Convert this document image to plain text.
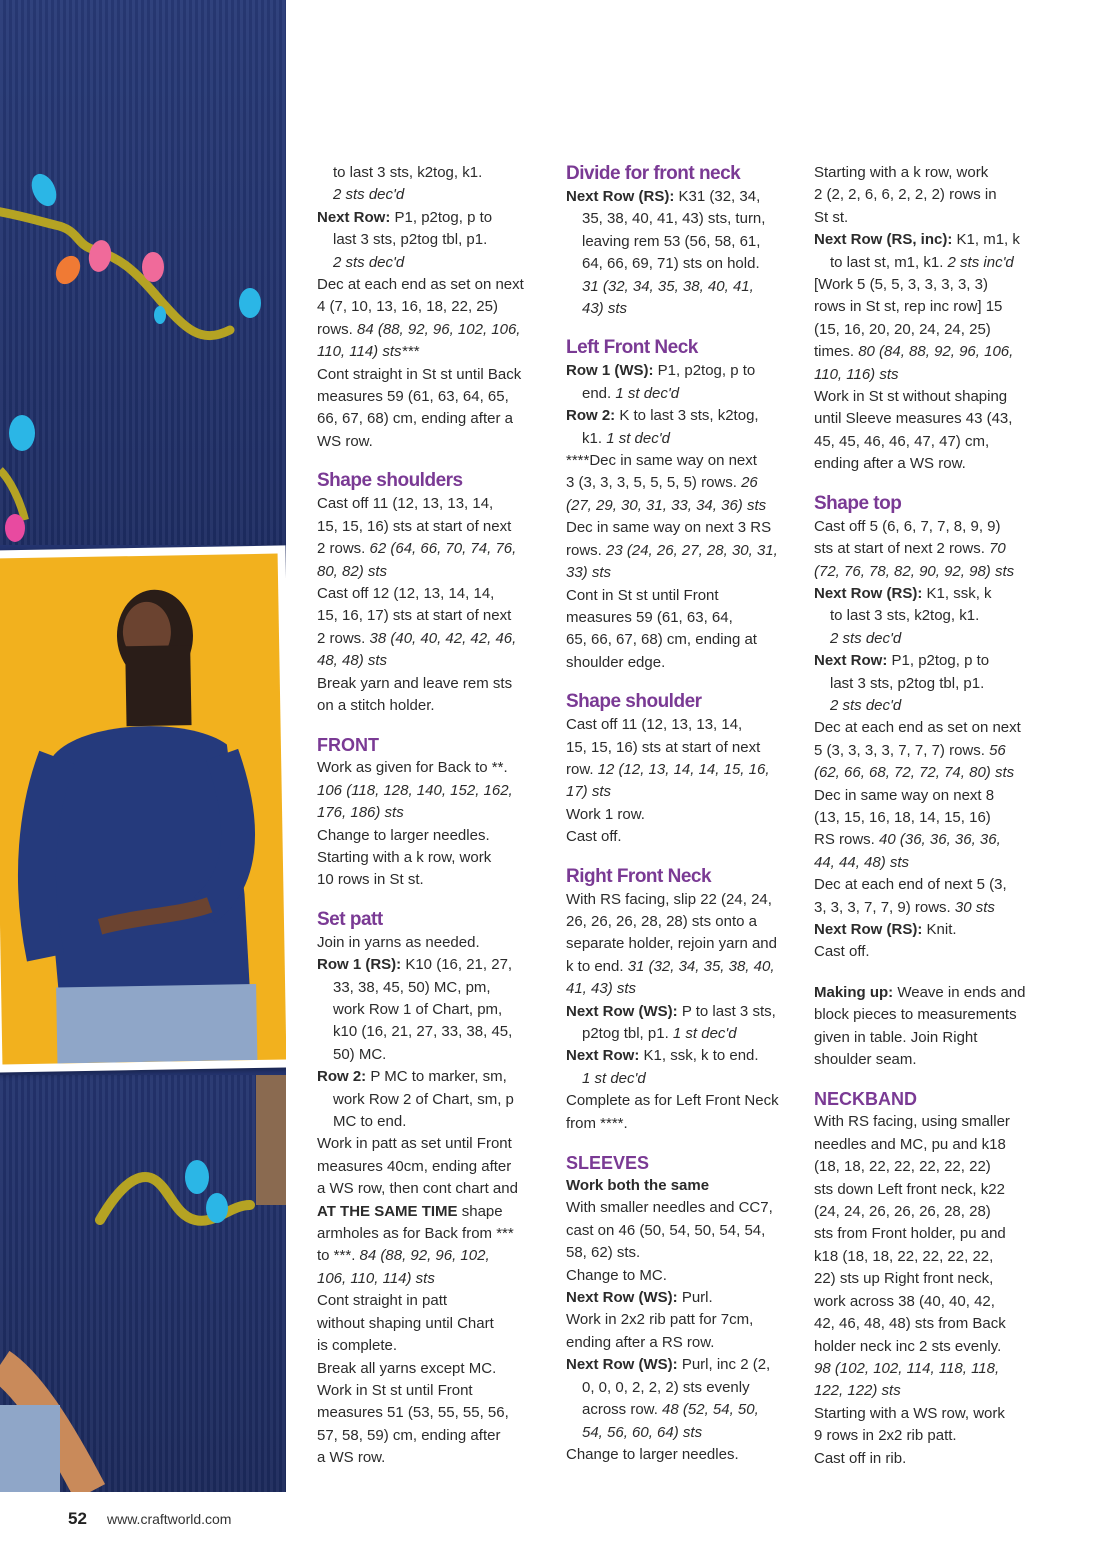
to last 3 sts, k2tog, k1.
2 sts dec'd
Next Row: P1, p2tog, p to
last 3 sts, p2tog tbl, p1.
2 sts dec'd
Dec at each end as set on next
4 (7, 10, 13, 16, 18, 22, 25)
rows. 84 (88, 92, 96, 102, 106,
110, 114) sts***
Cont straight in St st until Back
measures 59 (61, 63, 64, 65,
66, 67, 68) cm, ending after a
WS row.
Shape shoulders
Cast off 11 (12, 13, 13, 14,
15, 15, 16) sts at start of next
2 rows. 62 (64, 66, 70, 74, 76,
80, 82) sts
Cast off 12 (12, 13, 14, 14,
15, 16, 17) sts at start of next
2 rows. 38 (40, 40, 42, 42, 46,
48, 48) sts
Break yarn and leave rem sts
on a stitch holder.
FRONT
Work as given for Back to **.
106 (118, 128, 140, 152, 162,
176, 186) sts
Change to larger needles.
Starting with a k row, work
10 rows in St st.
Set patt
Join in yarns as needed.
Row 1 (RS): K10 (16, 21, 27,
33, 38, 45, 50) MC, pm,
work Row 1 of Chart, pm,
k10 (16, 21, 27, 33, 38, 45,
50) MC.
Row 2: P MC to marker, sm,
work Row 2 of Chart, sm, p
MC to end.
Work in patt as set until Front
measures 40cm, ending after
a WS row, then cont chart and
AT THE SAME TIME shape
armholes as for Back from ***
to ***. 84 (88, 92, 96, 102,
106, 110, 114) sts
Cont straight in patt
without shaping until Chart
is complete.
Break all yarns except MC.
Work in St st until Front
measures 51 (53, 55, 55, 56,
57, 58, 59) cm, ending after
a WS row.
Divide for front neck
Next Row (RS): K31 (32, 34,
35, 38, 40, 41, 43) sts, turn,
leaving rem 53 (56, 58, 61,
64, 66, 69, 71) sts on hold.
31 (32, 34, 35, 38, 40, 41,
43) sts
Left Front Neck
Row 1 (WS): P1, p2tog, p to
end. 1 st dec'd
Row 2: K to last 3 sts, k2tog,
k1. 1 st dec'd
****Dec in same way on next
3 (3, 3, 3, 5, 5, 5, 5) rows. 26
(27, 29, 30, 31, 33, 34, 36) sts
Dec in same way on next 3 RS
rows. 23 (24, 26, 27, 28, 30, 31,
33) sts
Cont in St st until Front
measures 59 (61, 63, 64,
65, 66, 67, 68) cm, ending at
shoulder edge.
Shape shoulder
Cast off 11 (12, 13, 13, 14,
15, 15, 16) sts at start of next
row. 12 (12, 13, 14, 14, 15, 16,
17) sts
Work 1 row.
Cast off.
Right Front Neck
With RS facing, slip 22 (24, 24,
26, 26, 26, 28, 28) sts onto a
separate holder, rejoin yarn and
k to end. 31 (32, 34, 35, 38, 40,
41, 43) sts
Next Row (WS): P to last 3 sts,
p2tog tbl, p1. 1 st dec'd
Next Row: K1, ssk, k to end.
1 st dec'd
Complete as for Left Front Neck
from ****.
SLEEVES
Work both the same
With smaller needles and CC7,
cast on 46 (50, 54, 50, 54, 54,
58, 62) sts.
Change to MC.
Next Row (WS): Purl.
Work in 2x2 rib patt for 7cm,
ending after a RS row.
Next Row (WS): Purl, inc 2 (2,
0, 0, 0, 2, 2, 2) sts evenly
across row. 48 (52, 54, 50,
54, 56, 60, 64) sts
Change to larger needles.
Starting with a k row, work
2 (2, 2, 6, 6, 2, 2, 2) rows in
St st.
Next Row (RS, inc): K1, m1, k
to last st, m1, k1. 2 sts inc'd
[Work 5 (5, 5, 3, 3, 3, 3, 3)
rows in St st, rep inc row] 15
(15, 16, 20, 20, 24, 24, 25)
times. 80 (84, 88, 92, 96, 106,
110, 116) sts
Work in St st without shaping
until Sleeve measures 43 (43,
45, 45, 46, 46, 47, 47) cm,
ending after a WS row.
Shape top
Cast off 5 (6, 6, 7, 7, 8, 9, 9)
sts at start of next 2 rows. 70
(72, 76, 78, 82, 90, 92, 98) sts
Next Row (RS): K1, ssk, k
to last 3 sts, k2tog, k1.
2 sts dec'd
Next Row: P1, p2tog, p to
last 3 sts, p2tog tbl, p1.
2 sts dec'd
Dec at each end as set on next
5 (3, 3, 3, 3, 7, 7, 7) rows. 56
(62, 66, 68, 72, 72, 74, 80) sts
Dec in same way on next 8
(13, 15, 16, 18, 14, 15, 16)
RS rows. 40 (36, 36, 36, 36,
44, 44, 48) sts
Dec at each end of next 5 (3,
3, 3, 3, 7, 7, 9) rows. 30 sts
Next Row (RS): Knit.
Cast off.
Making up: Weave in ends and
block pieces to measurements
given in table. Join Right
shoulder seam.
NECKBAND
With RS facing, using smaller
needles and MC, pu and k18
(18, 18, 22, 22, 22, 22, 22)
sts down Left front neck, k22
(24, 24, 26, 26, 26, 28, 28)
sts from Front holder, pu and
k18 (18, 18, 22, 22, 22, 22,
22) sts up Right front neck,
work across 38 (40, 40, 42,
42, 46, 48, 48) sts from Back
holder neck inc 2 sts evenly.
98 (102, 102, 114, 118, 118,
122, 122) sts
Starting with a WS row, work
9 rows in 2x2 rib patt.
Cast off in rib.
52 www.craftworld.com
